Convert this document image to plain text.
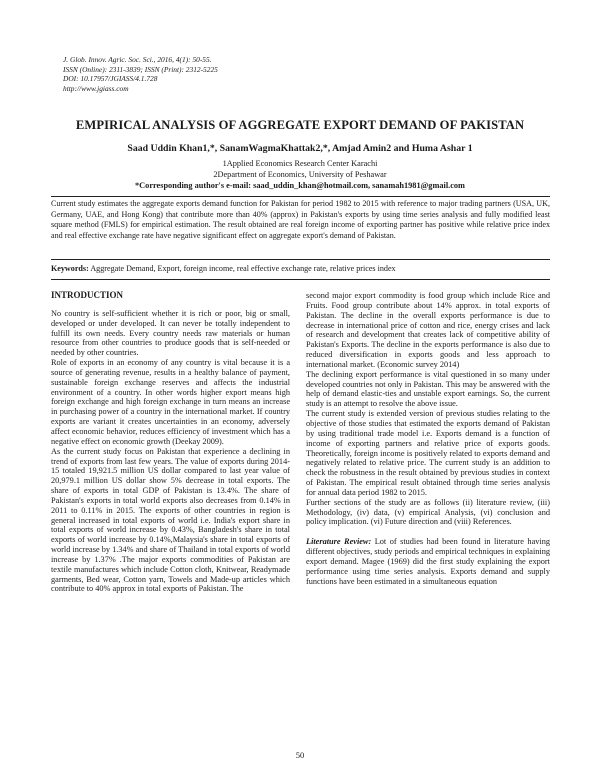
J. Glob. Innov. Agric. Soc. Sci., 2016, 4(1): 50-55.
ISSN (Online): 2311-3839; ISSN (Print): 2312-5225
DOI: 10.17957/JGIASS/4.1.728
http://www.jgiass.com
EMPIRICAL ANALYSIS OF AGGREGATE EXPORT DEMAND OF PAKISTAN
Saad Uddin Khan1,*, SanamWagmaKhattak2,*, Amjad Amin2 and Huma Ashar 1
1Applied Economics Research Center Karachi
2Department of Economics, University of Peshawar
*Corresponding author's e-mail: saad_uddin_khan@hotmail.com, sanamah1981@gmail.com
Current study estimates the aggregate exports demand function for Pakistan for period 1982 to 2015 with reference to major trading partners (USA, UK, Germany, UAE, and Hong Kong) that contribute more than 40% (approx) in Pakistan's exports by using time series analysis and fully modified least square method (FMLS) for empirical estimation. The result obtained are real foreign income of exporting partner has positive while relative price index and real effective exchange rate have negative significant effect on aggregate export's demand of Pakistan.
Keywords: Aggregate Demand, Export, foreign income, real effective exchange rate, relative prices index
INTRODUCTION

No country is self-sufficient whether it is rich or poor, big or small, developed or under developed. It can never be totally independent to fulfill its own needs. Every country needs raw materials or human resource from other countries to produce goods that is self-needed or needed by other countries.

Role of exports in an economy of any country is vital because it is a source of generating revenue, results in a healthy balance of payment, sustainable foreign exchange reserves and affects the industrial environment of a country. In other words higher export means high foreign exchange and high foreign exchange in turn means an increase in purchasing power of a country in the international market. If country exports are variant it creates uncertainties in an economy, adversely affect economic behavior, reduces efficiency of investment which has a negative effect on economic growth (Deekay 2009).

As the current study focus on Pakistan that experience a declining in trend of exports from last few years. The value of exports during 2014-15 totaled 19,921.5 million US dollar compared to last year value of 20,979.1 million US dollar show 5% decrease in total exports. The share of exports in total GDP of Pakistan is 13.4%. The share of Pakistan's exports in total world exports also decreases from 0.14% in 2011 to 0.11% in 2015. The exports of other countries in region is general increased in total exports of world i.e. India's export share in total exports of world increase by 0.43%, Bangladesh's share in total exports of world increase by 0.14%,Malaysia's share in total exports of world increase by 1.34% and share of Thailand in total exports of world increase by 1.37% .The major exports commodities of Pakistan are textile manufactures which include Cotton cloth, Knitwear, Readymade garments, Bed wear, Cotton yarn, Towels and Made-up articles which contribute to 40% approx in total exports of Pakistan. The

second major export commodity is food group which include Rice and Fruits. Food group contribute about 14% approx. in total exports of Pakistan. The decline in the overall exports performance is due to decrease in international price of cotton and rice, energy crises and lack of research and development that creates lack of competitive ability of Pakistan's Exports. The decline in the exports performance is also due to reduced diversification in exports goods and less approach to international market. (Economic survey 2014)

The declining export performance is vital questioned in so many under developed countries not only in Pakistan. This may be answered with the help of demand elastic-ties and unstable export earnings. So, the current study is an attempt to resolve the above issue.

The current study is extended version of previous studies relating to the objective of those studies that estimated the exports demand of Pakistan by using traditional trade model i.e. Exports demand is a function of income of exporting partners and relative price of exports goods. Theoretically, foreign income is positively related to exports demand and negatively related to relative price. The current study is an addition to check the robustness in the result obtained by previous studies in context of Pakistan. The empirical result obtained through time series analysis for annual data period 1982 to 2015.

Further sections of the study are as follows (ii) literature review, (iii) Methodology, (iv) data, (v) empirical Analysis, (vi) conclusion and policy implication. (vi) Future direction and (viii) References.

Literature Review: Lot of studies had been found in literature having different objectives, study periods and empirical techniques in explaining export demand. Magee (1969) did the first study explaining the export performance using time series analysis. Exports demand and supply functions have been estimated in a simultaneous equation

50
